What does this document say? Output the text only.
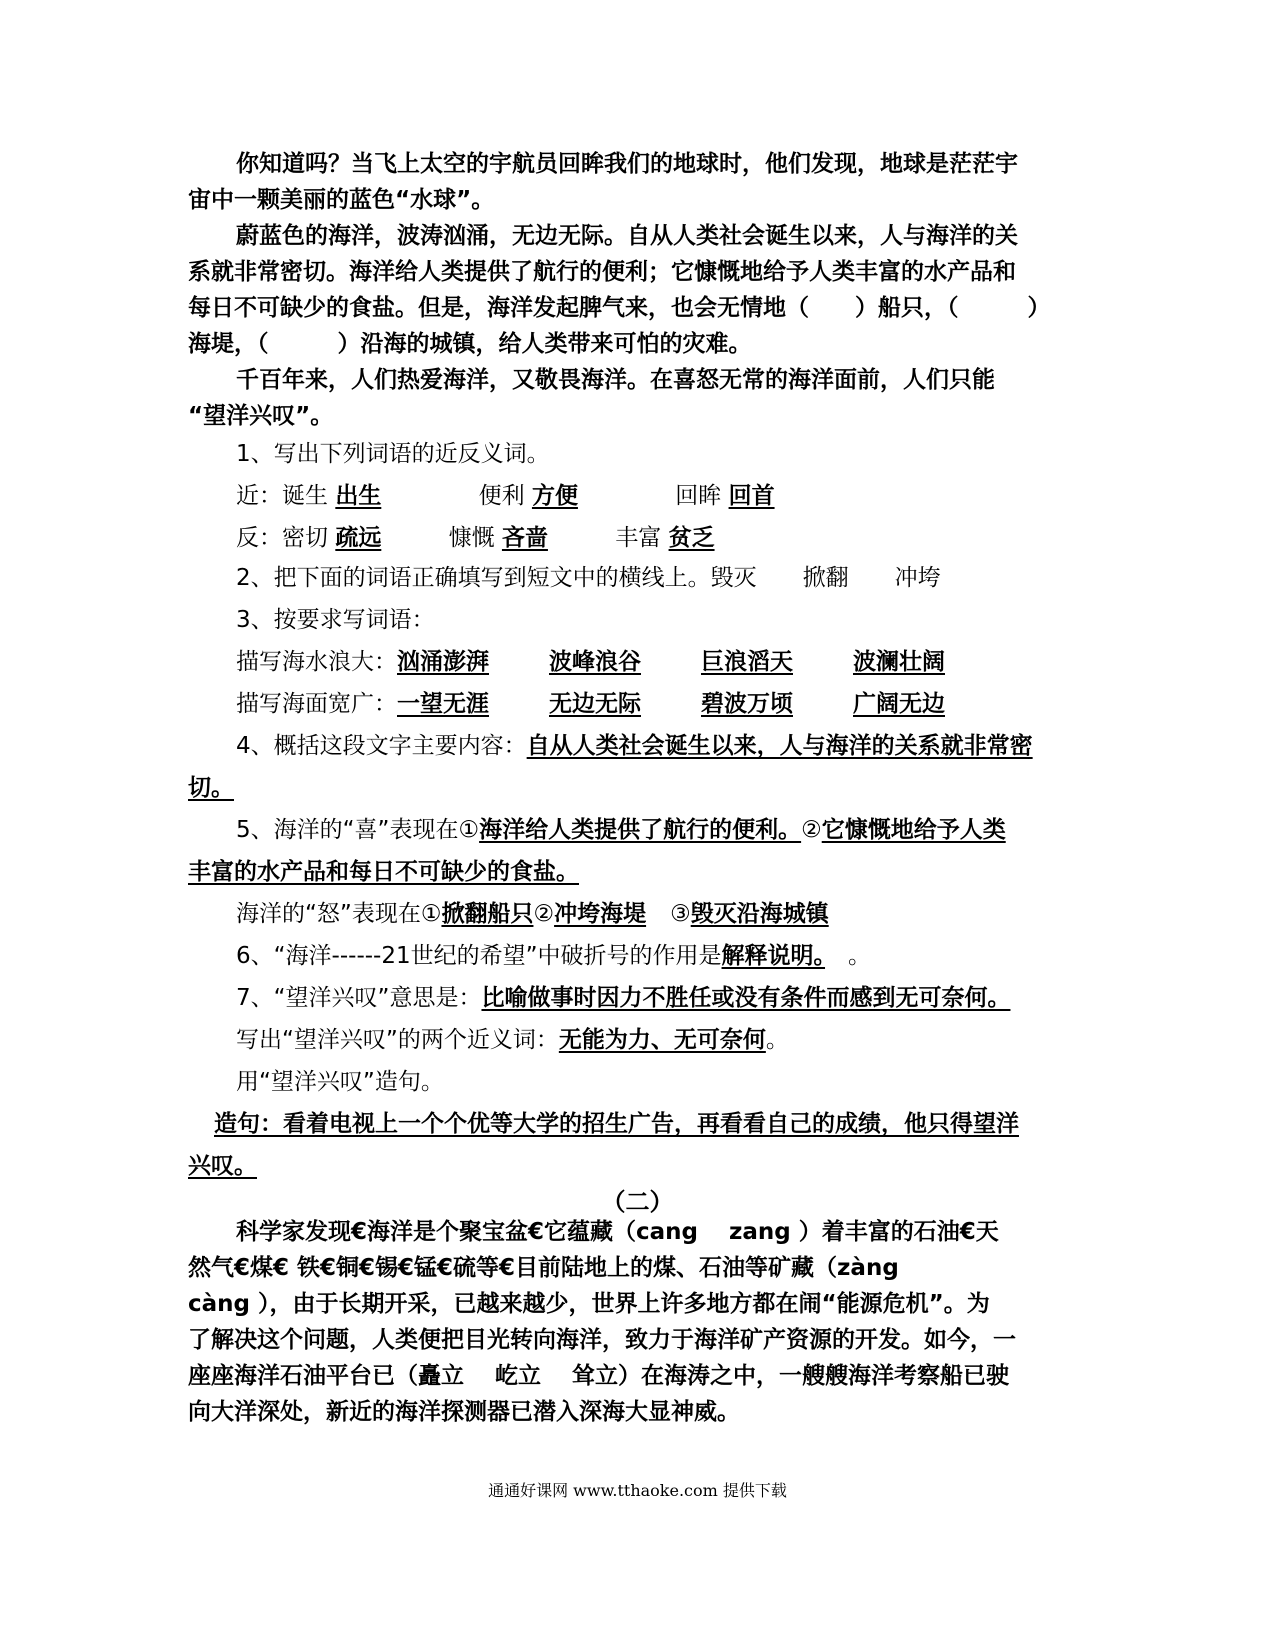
你知道吗？当飞上太空的宇航员回眸我们的地球时，他们发现，地球是茫茫宇
宙中一颗美丽的蓝色“水球”。
蔚蓝色的海洋，波涛汹涌，无边无际。自从人类社会诞生以来，人与海洋的关
系就非常密切。海洋给人类提供了航行的便利；它慷慨地给予人类丰富的水产品和
每日不可缺少的食盐。但是，海洋发起脾气来，也会无情地（　　）船只，（　　　）
海堤，（　　　）沿海的城镇，给人类带来可怕的灾难。
千百年来，人们热爱海洋，又敬畏海洋。在喜怒无常的海洋面前，人们只能
“望洋兴叹”。
1、写出下列词语的近反义词。
近：诞生 出生	便利 方便	回眸 回首
反：密切 疏远	慷慨 吝啬	丰富 贫乏
2、把下面的词语正确填写到短文中的横线上。毁灭　　掀翻　　冲垮
3、按要求写词语：
描写海水浪大：汹涌澎湃	波峰浪谷	巨浪滔天	波澜壮阔
描写海面宽广：一望无涯	无边无际	碧波万顷	广阔无边
4、概括这段文字主要内容：自从人类社会诞生以来，人与海洋的关系就非常密
切。
5、海洋的“喜”表现在①海洋给人类提供了航行的便利。②它慷慨地给予人类
丰富的水产品和每日不可缺少的食盐。
海洋的“怒”表现在①掀翻船只②冲垮海堤 ③毁灭沿海城镇
6、“海洋------21世纪的希望”中破折号的作用是解释说明。　 。
7、“望洋兴叹”意思是：比喻做事时因力不胜任或没有条件而感到无可奈何。
写出“望洋兴叹”的两个近义词：无能为力、无可奈何。
用“望洋兴叹”造句。
造句：看着电视上一个个优等大学的招生广告，再看看自己的成绩，他只得望洋
兴叹。
（二）
科学家发现€海洋是个聚宝盆€它蕴藏（cang　 zang ）着丰富的石油€天
然气€煤€ 铁€铜€锡€锰€硫等€目前陆地上的煤、石油等矿藏（zàng
càng ），由于长期开采，已越来越少，世界上许多地方都在闹“能源危机”。为
了解决这个问题，人类便把目光转向海洋，致力于海洋矿产资源的开发。如今，一
座座海洋石油平台已（矗立　 屹立　 耸立）在海涛之中，一艘艘海洋考察船已驶
向大洋深处，新近的海洋探测器已潜入深海大显神威。
通通好课网 www.tthaoke.com 提供下载
